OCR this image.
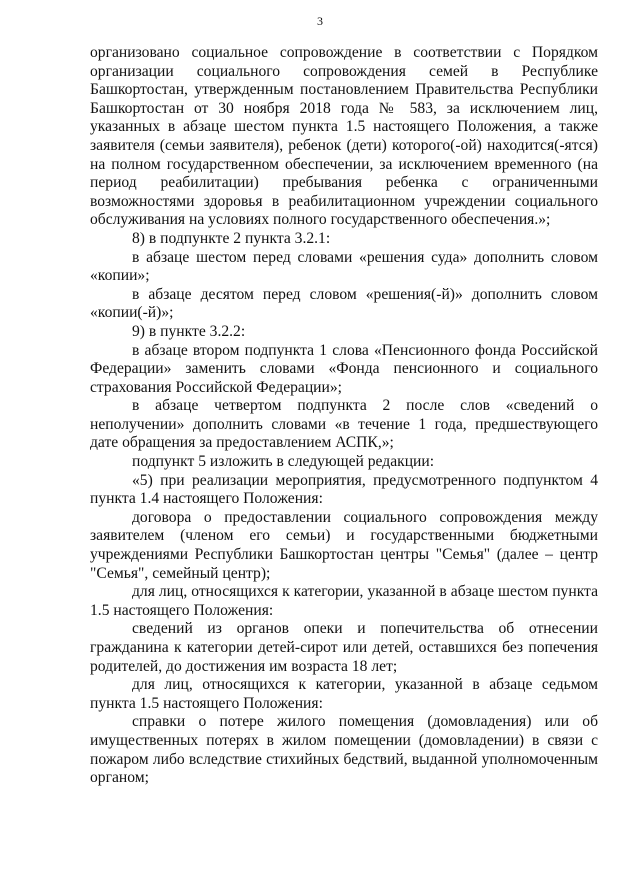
3

организовано социальное сопровождение в соответствии с Порядком организации социального сопровождения семей в Республике Башкортостан, утвержденным постановлением Правительства Республики Башкортостан от 30 ноября 2018 года № 583, за исключением лиц, указанных в абзаце шестом пункта 1.5 настоящего Положения, а также заявителя (семьи заявителя), ребенок (дети) которого(-ой) находится(-ятся) на полном государственном обеспечении, за исключением временного (на период реабилитации) пребывания ребенка с ограниченными возможностями здоровья в реабилитационном учреждении социального обслуживания на условиях полного государственного обеспечения.»;

8) в подпункте 2 пункта 3.2.1:

в абзаце шестом перед словами «решения суда» дополнить словом «копии»;

в абзаце десятом перед словом «решения(-й)» дополнить словом «копии(-й)»;

9) в пункте 3.2.2:

в абзаце втором подпункта 1 слова «Пенсионного фонда Российской Федерации» заменить словами «Фонда пенсионного и социального страхования Российской Федерации»;

в абзаце четвертом подпункта 2 после слов «сведений о неполучении» дополнить словами «в течение 1 года, предшествующего дате обращения за предоставлением АСПК,»;

подпункт 5 изложить в следующей редакции:

«5) при реализации мероприятия, предусмотренного подпунктом 4 пункта 1.4 настоящего Положения:

договора о предоставлении социального сопровождения между заявителем (членом его семьи) и государственными бюджетными учреждениями Республики Башкортостан центры "Семья" (далее – центр "Семья", семейный центр);

для лиц, относящихся к категории, указанной в абзаце шестом пункта 1.5 настоящего Положения:

сведений из органов опеки и попечительства об отнесении гражданина к категории детей-сирот или детей, оставшихся без попечения родителей, до достижения им возраста 18 лет;

для лиц, относящихся к категории, указанной в абзаце седьмом пункта 1.5 настоящего Положения:

справки о потере жилого помещения (домовладения) или об имущественных потерях в жилом помещении (домовладении) в связи с пожаром либо вследствие стихийных бедствий, выданной уполномоченным органом;
